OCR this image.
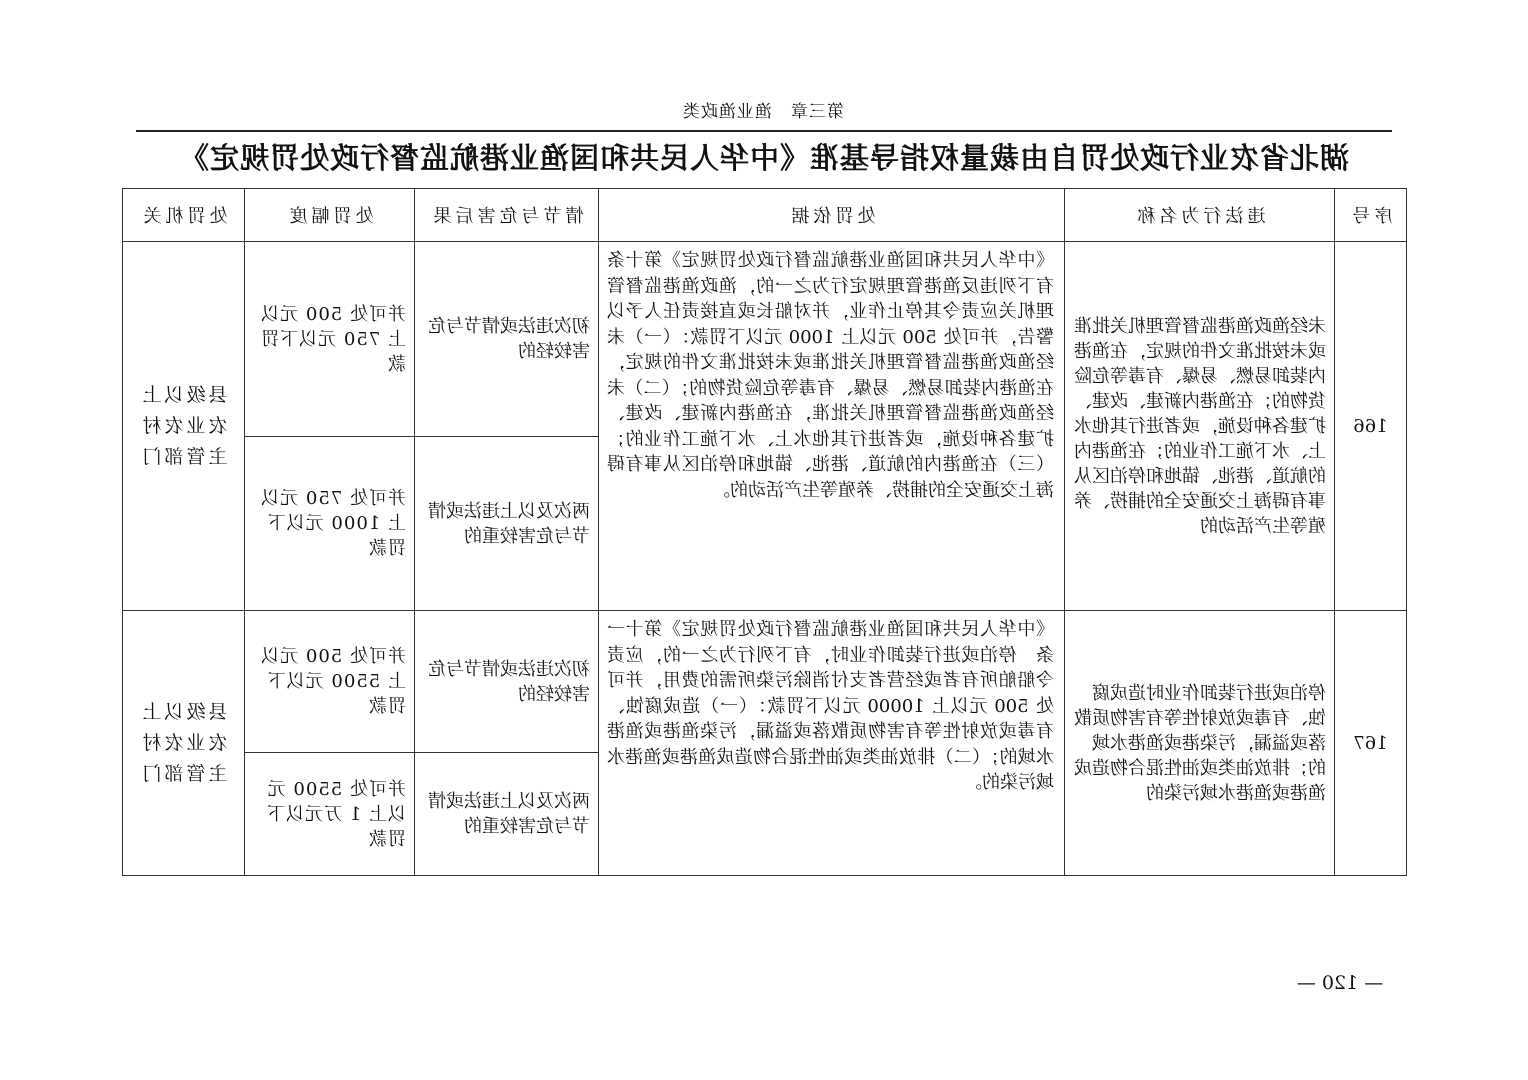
第三章　渔业渔政类
湖北省农业行政处罚自由裁量权指导基准《中华人民共和国渔业港航监督行政处罚规定》
序号	违法行为名称	处罚依据	情节与危害后果	处罚幅度	处罚机关
166	未经渔政渔港监督管理机关批准或未按批准文件的规定，在渔港内装卸易燃、易爆、有毒等危险货物的；在渔港内新建、改建、扩建各种设施，或者进行其他水上、水下施工作业的；在渔港内的航道、港池、锚地和停泊区从事有碍海上交通安全的捕捞、养殖等生产活动的	《中华人民共和国渔业港航监督行政处罚规定》第十条　有下列违反渔港管理规定行为之一的，渔政渔港监督管理机关应责令其停止作业，并对船长或直接责任人予以警告，并可处 500 元以上 1000 元以下罚款：（一）未经渔政渔港监督管理机关批准或未按批准文件的规定，在渔港内装卸易燃、易爆、有毒等危险货物的；（二）未经渔政渔港监督管理机关批准，在渔港内新建、改建、扩建各种设施，或者进行其他水上、水下施工作业的；（三）在渔港内的航道、港池、锚地和停泊区从事有碍海上交通安全的捕捞、养殖等生产活动的。	初次违法或情节与危害较轻的	并可处 500 元以上 750 元以下罚款	县级以上农业农村主管部门

			两次及以上违法或情节与危害较重的	并可处 750 元以上 1000 元以下罚款	

167	停泊或进行装卸作业时造成腐蚀、有毒或放射性等有害物质散落或溢漏，污染港或渔港水域的；排放油类或油性混合物造成渔港或渔港水域污染的	《中华人民共和国渔业港航监督行政处罚规定》第十一条　停泊或进行装卸作业时，有下列行为之一的，应责令船舶所有者或经营者支付消除污染所需的费用，并可处 500 元以上 10000 元以下罚款：（一）造成腐蚀、有毒或放射性等有害物质散落或溢漏，污染渔港或渔港水域的；（二）排放油类或油性混合物造成渔港或渔港水域污染的。	初次违法或情节与危害较轻的	并可处 500 元以上 5500 元以下罚款	县级以上农业农村主管部门

			两次及以上违法或情节与危害较重的	并可处 5500 元以上 1 万元以下罚款	
— 120 —
